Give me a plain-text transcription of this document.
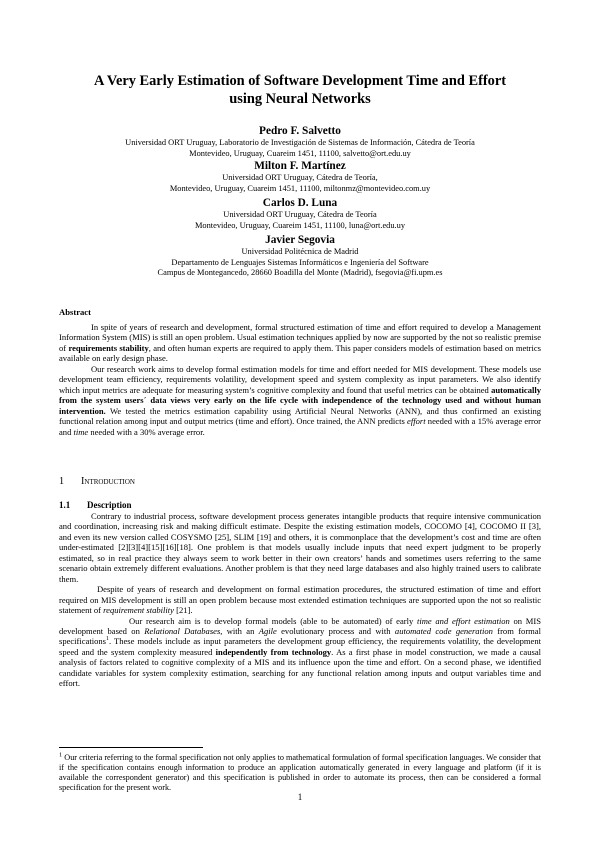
A Very Early Estimation of Software Development Time and Effort
using Neural Networks
Pedro F. Salvetto
Universidad ORT Uruguay, Laboratorio de Investigación de Sistemas de Información, Cátedra de Teoría
Montevideo, Uruguay, Cuareim 1451, 11100, salvetto@ort.edu.uy
Milton F. Martínez
Universidad ORT Uruguay, Cátedra de Teoría,
Montevideo, Uruguay, Cuareim 1451, 11100, miltonmz@montevideo.com.uy
Carlos D. Luna
Universidad ORT Uruguay, Cátedra de Teoría
Montevideo, Uruguay, Cuareim 1451, 11100, luna@ort.edu.uy
Javier Segovia
Universidad Politécnica de Madrid
Departamento de Lenguajes Sistemas Informáticos e Ingeniería del Software
Campus de Montegancedo, 28660 Boadilla del Monte (Madrid), fsegovia@fi.upm.es
Abstract

In spite of years of research and development, formal structured estimation of time and effort required to develop a Management Information System (MIS) is still an open problem. Usual estimation techniques applied by now are supported by the not so realistic premise of requirements stability, and often human experts are required to apply them. This paper considers models of estimation based on metrics available on early design phase.

Our research work aims to develop formal estimation models for time and effort needed for MIS development. These models use development team efficiency, requirements volatility, development speed and system complexity as input parameters. We also identify which input metrics are adequate for measuring system’s cognitive complexity and found that useful metrics can be obtained automatically from the system users´ data views very early on the life cycle with independence of the technology used and without human intervention. We tested the metrics estimation capability using Artificial Neural Networks (ANN), and thus confirmed an existing functional relation among input and output metrics (time and effort). Once trained, the ANN predicts effort needed with a 15% average error and time needed with a 30% average error.

1 Introduction
1.1 Description

Contrary to industrial process, software development process generates intangible products that require intensive communication and coordination, increasing risk and making difficult estimate. Despite the existing estimation models, COCOMO [4], COCOMO II [3], and even its new version called COSYSMO [25], SLIM [19] and others, it is commonplace that the development’s cost and time are often under-estimated [2][3][4][15][16][18]. One problem is that models usually include inputs that need expert judgment to be properly estimated, so in real practice they always seem to work better in their own creators’ hands and sometimes users referring to the same scenario obtain extremely different evaluations. Another problem is that they need large databases and also highly trained users to calibrate them.

Despite of years of research and development on formal estimation procedures, the structured estimation of time and effort required on MIS development is still an open problem because most extended estimation techniques are supported upon the not so realistic statement of requirement stability [21].

Our research aim is to develop formal models (able to be automated) of early time and effort estimation on MIS development based on Relational Databases, with an Agile evolutionary process and with automated code generation from formal specifications$^1$. These models include as input parameters the development group efficiency, the requirements volatility, the development speed and the system complexity measured independently from technology. As a first phase in model construction, we made a causal analysis of factors related to cognitive complexity of a MIS and its influence upon the time and effort. On a second phase, we identified candidate variables for system complexity estimation, searching for any functional relation among inputs and output variables time and effort.

$^1$ Our criteria referring to the formal specification not only applies to mathematical formulation of formal specification languages. We consider that if the specification contains enough information to produce an application automatically generated in every language and platform (if it is available the correspondent generator) and this specification is published in order to automate its process, then can be considered a formal specification for the present work.

1
